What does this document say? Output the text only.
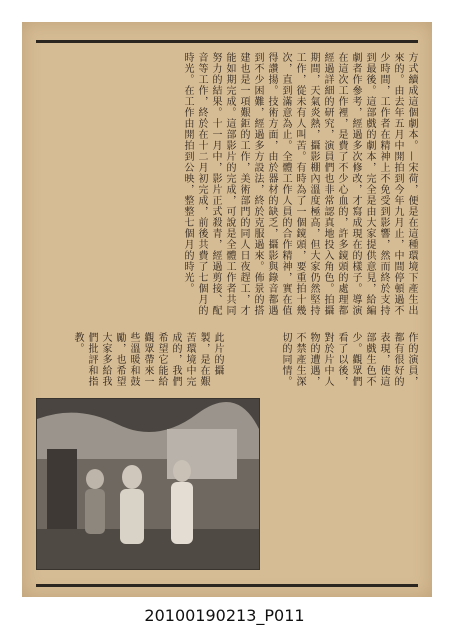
方式續成這個劇本。—宋荷，便是在這種環境下產生出來的。由去年五月中開拍到今年九月止，中間停頓過不少時間，工作者在精神上不免受到影響，然而終於支持到最後。這部戲的劇本，完全是由大家提供意見，給編劇者作參考，經過多次修改，才寫成現在的樣子。導演在這次工作裡，是費了不少心血的，許多鏡頭的處理都經過詳細的研究，演員們也非常認真地投入角色。拍攝期間，天氣炎熱，攝影棚內溫度極高，但大家仍然堅持工作，從未有人叫苦。有時為了一個鏡頭，要重拍十幾次，直到滿意為止。全體工作人員的合作精神，實在值得讚揚。技術方面，由於器材的缺乏，攝影與錄音都遇到不少困難，經過多方設法，終於克服過來。佈景的搭建也是一項艱鉅的工作，美術部門的同人日夜趕工，才能如期完成。這部影片的完成，可說是全體工作者共同努力的結果。十一月中，影片正式殺青，經過剪接、配音等工作，終於在十二月初完成，前後共費了七個月的時光。在工作由開拍到公映，整整七個月的時光。
作的演員，都有很好的表現，使這部戲生色不少。觀眾們看了以後，對於片中人物的遭遇，不禁產生深切的同情。
此片的攝製，是在艱苦環境中完成的，我們希望它能給觀眾帶來一些溫暖和鼓勵，也希望大家多給我們批評和指教。
20100190213_P011
